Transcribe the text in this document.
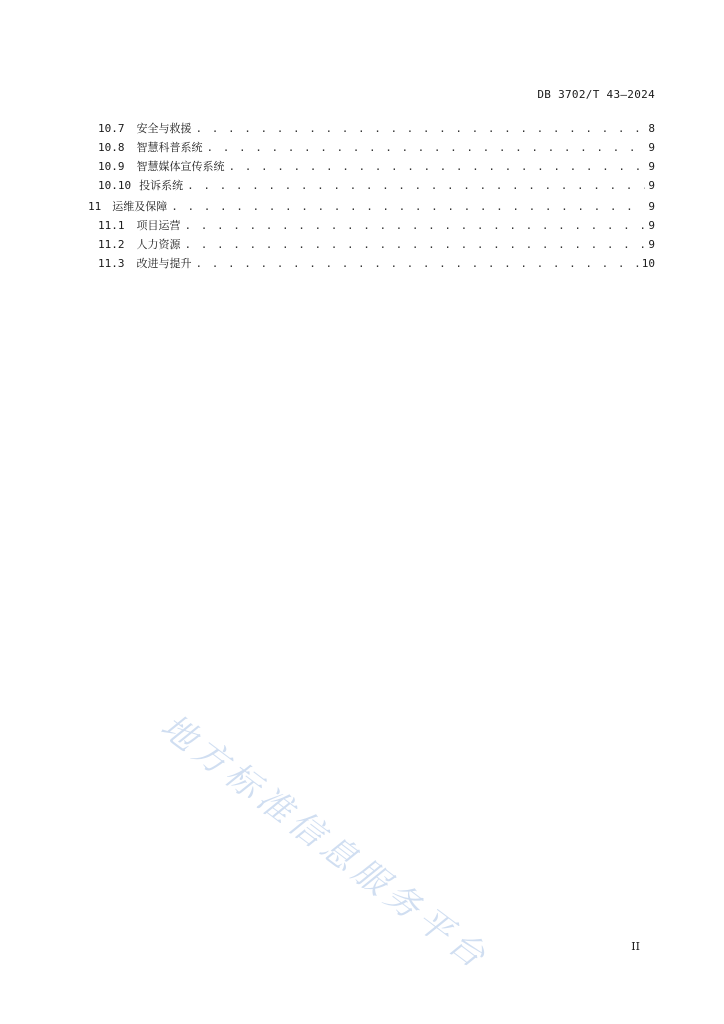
DB 3702/T 43—2024
10.7 安全与救援 . . .	8
10.8 智慧科普系统 . . .	9
10.9 智慧媒体宣传系统 . . .	9
10.10 投诉系统 . . .	9
11 运维及保障 . . .	9
11.1 项目运营 . . .	9
11.2 人力资源 . . .	9
11.3 改进与提升 . . .	10
地方标准信息服务平台	II
